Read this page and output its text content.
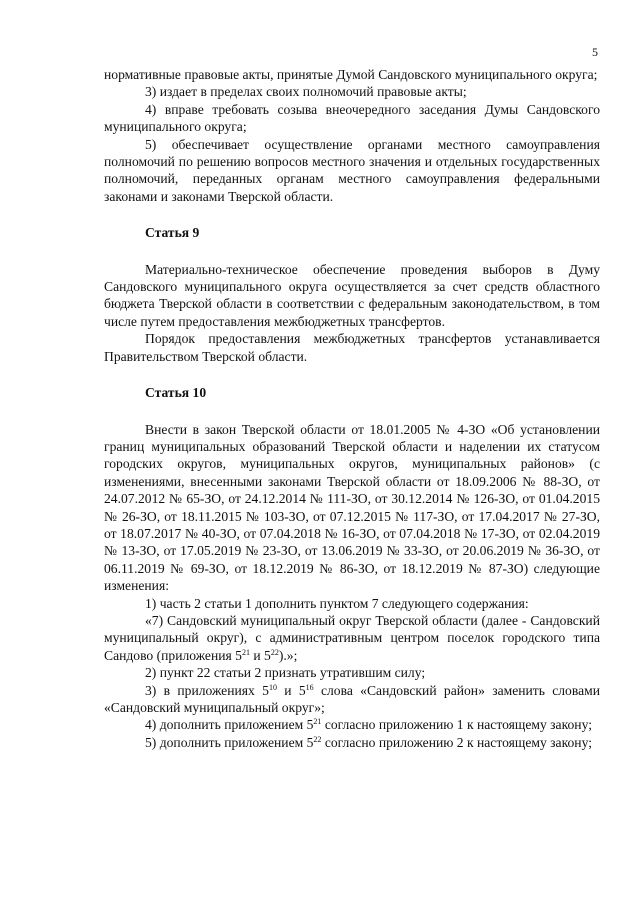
5

нормативные правовые акты, принятые Думой Сандовского муниципального округа;

3) издает в пределах своих полномочий правовые акты;

4) вправе требовать созыва внеочередного заседания Думы Сандовского муниципального округа;

5) обеспечивает осуществление органами местного самоуправления полномочий по решению вопросов местного значения и отдельных государственных полномочий, переданных органам местного самоуправления федеральными законами и законами Тверской области.

Статья 9

Материально-техническое обеспечение проведения выборов в Думу Сандовского муниципального округа осуществляется за счет средств областного бюджета Тверской области в соответствии с федеральным законодательством, в том числе путем предоставления межбюджетных трансфертов.

Порядок предоставления межбюджетных трансфертов устанавливается Правительством Тверской области.

Статья 10

Внести в закон Тверской области от 18.01.2005 № 4-ЗО «Об установлении границ муниципальных образований Тверской области и наделении их статусом городских округов, муниципальных округов, муниципальных районов» (с изменениями, внесенными законами Тверской области от 18.09.2006 № 88-ЗО, от 24.07.2012 № 65-ЗО, от 24.12.2014 № 111-ЗО, от 30.12.2014 № 126-ЗО, от 01.04.2015 № 26-ЗО, от 18.11.2015 № 103-ЗО, от 07.12.2015 № 117-ЗО, от 17.04.2017 № 27-ЗО, от 18.07.2017 № 40-ЗО, от 07.04.2018 № 16-ЗО, от 07.04.2018 № 17-ЗО, от 02.04.2019 № 13-ЗО, от 17.05.2019 № 23-ЗО, от 13.06.2019 № 33-ЗО, от 20.06.2019 № 36-ЗО, от 06.11.2019 № 69-ЗО, от 18.12.2019 № 86-ЗО, от 18.12.2019 № 87-ЗО) следующие изменения:

1) часть 2 статьи 1 дополнить пунктом 7 следующего содержания:

«7) Сандовский муниципальный округ Тверской области (далее - Сандовский муниципальный округ), с административным центром поселок городского типа Сандово (приложения $5^{21}$ и $5^{22}$).»;

2) пункт 22 статьи 2 признать утратившим силу;

3) в приложениях $5^{10}$ и $5^{16}$ слова «Сандовский район» заменить словами «Сандовский муниципальный округ»;

4) дополнить приложением $5^{21}$ согласно приложению 1 к настоящему закону;

5) дополнить приложением $5^{22}$ согласно приложению 2 к настоящему закону;
